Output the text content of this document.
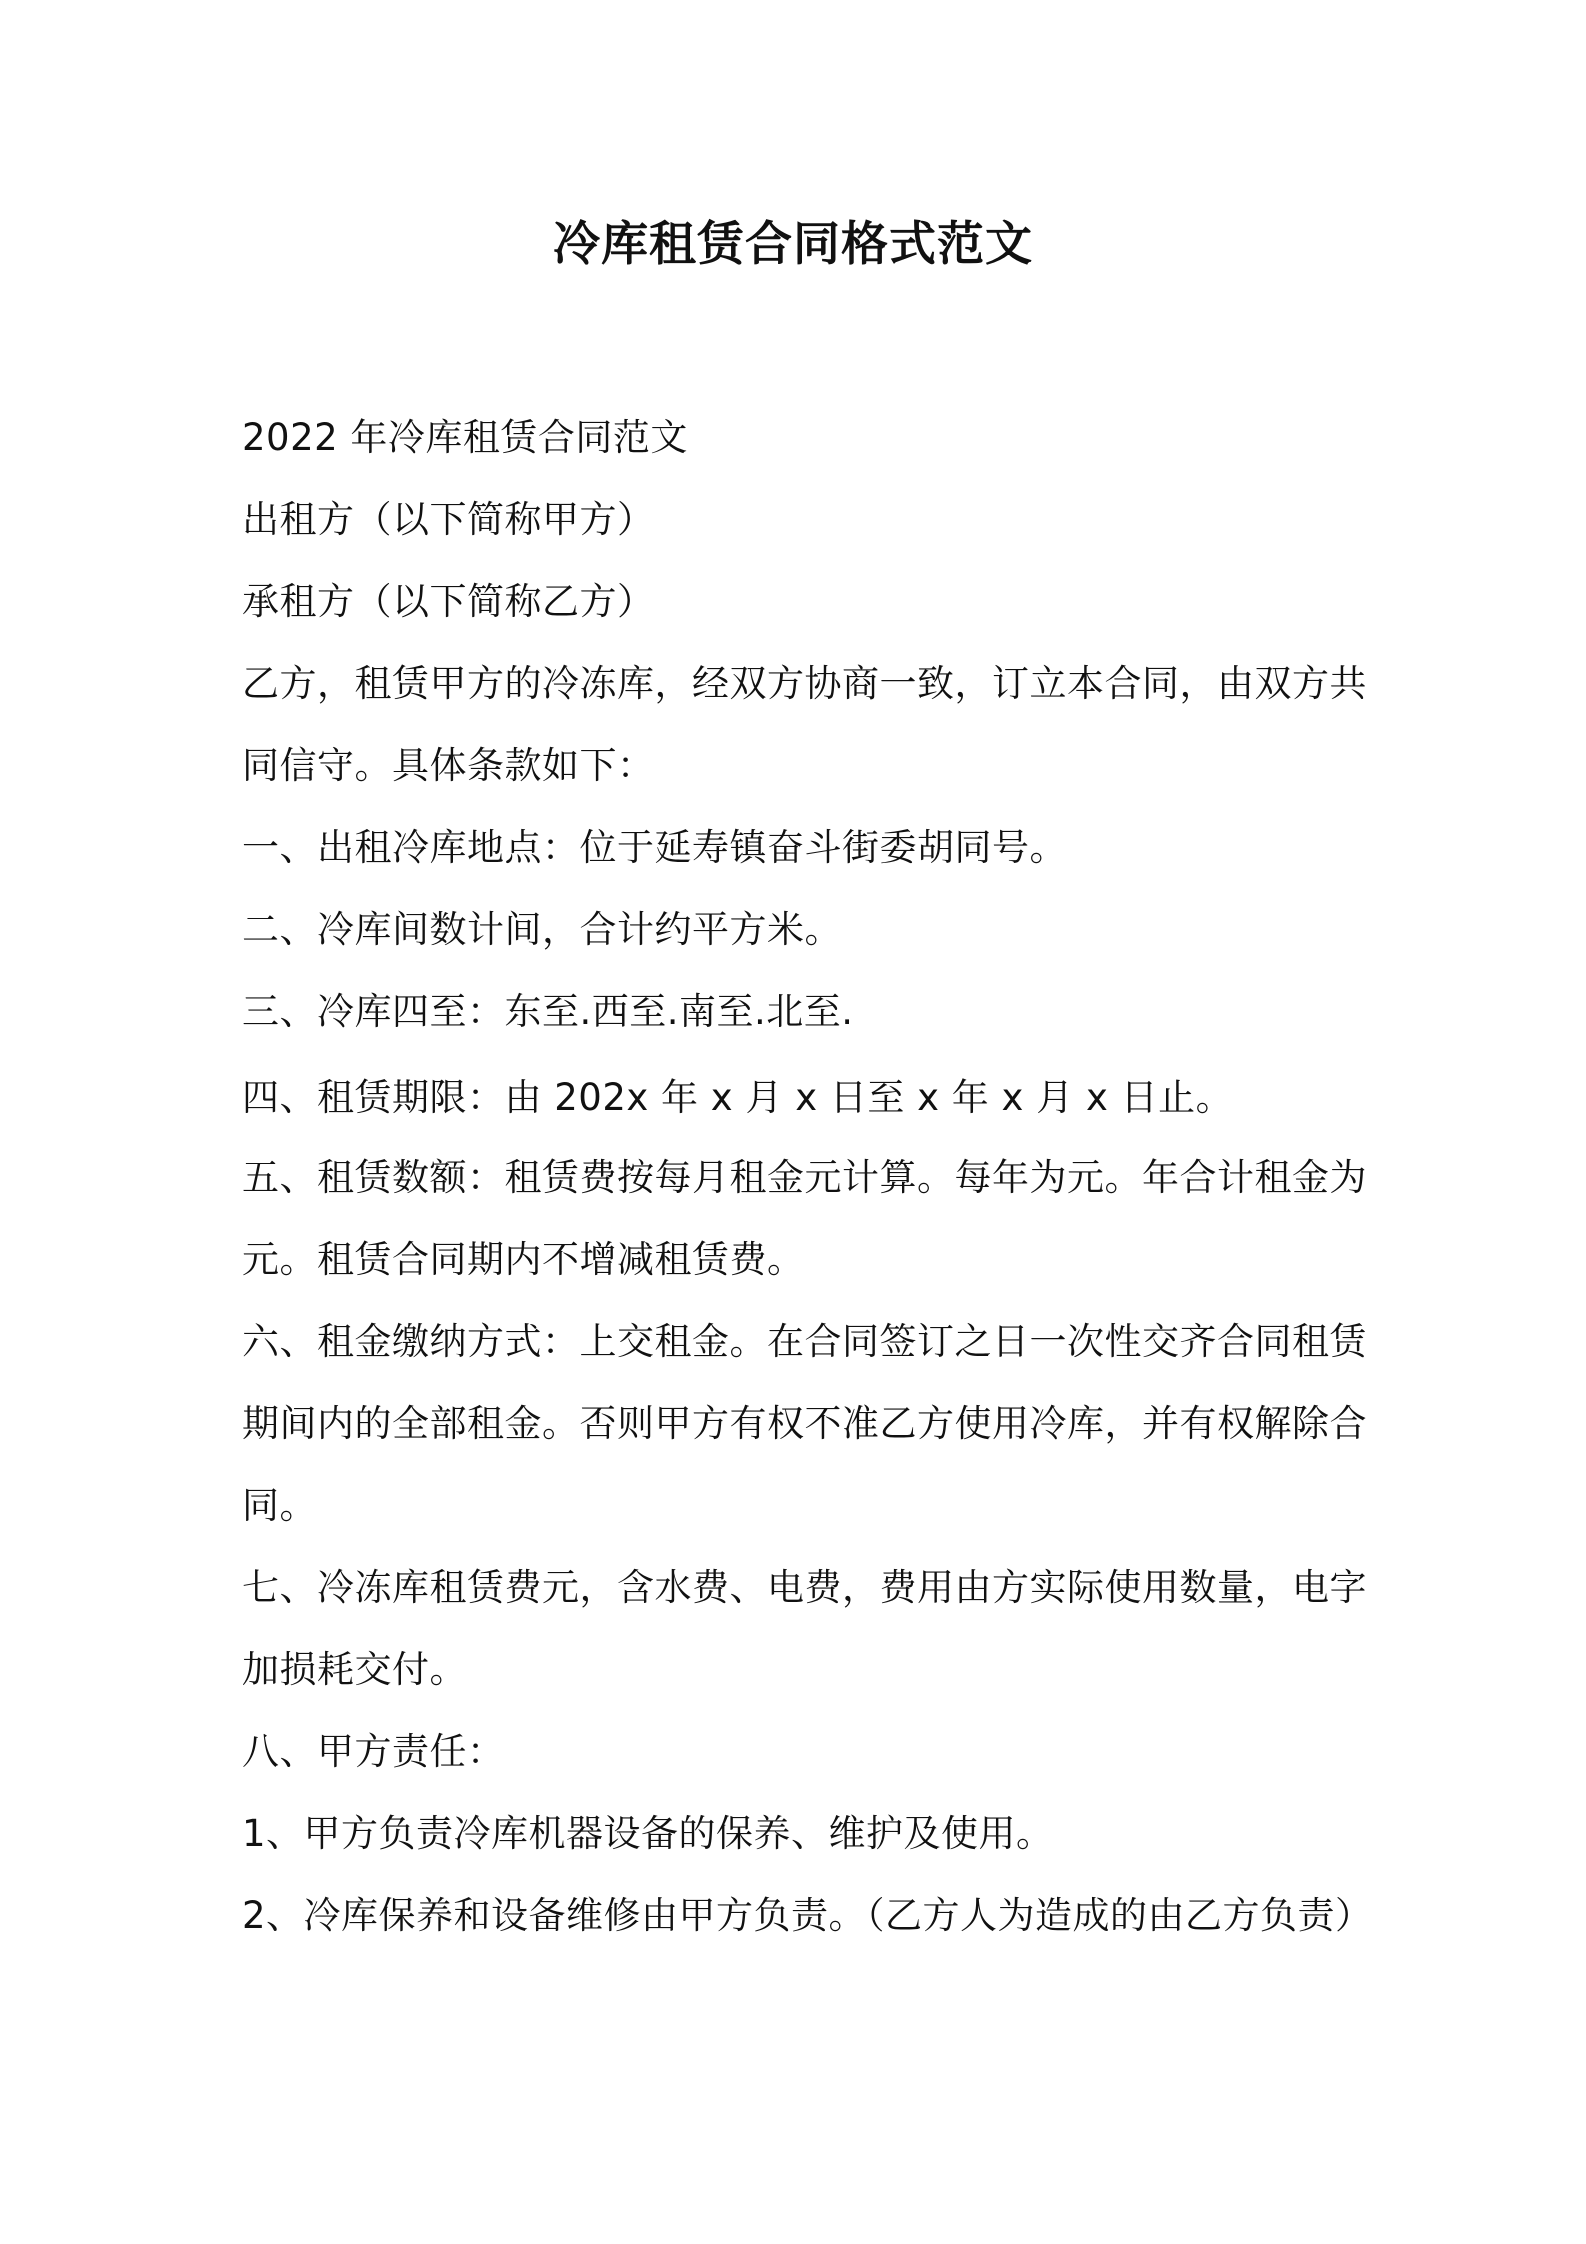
冷库租赁合同格式范文
2022 年冷库租赁合同范文
出租方（以下简称甲方）
承租方（以下简称乙方）
乙方，租赁甲方的冷冻库，经双方协商一致，订立本合同，由双方共
同信守。具体条款如下：
一、出租冷库地点：位于延寿镇奋斗街委胡同号。
二、冷库间数计间，合计约平方米。
三、冷库四至：东至.西至.南至.北至.
四、租赁期限：由 202x 年 x 月 x 日至 x 年 x 月 x 日止。
五、租赁数额：租赁费按每月租金元计算。每年为元。年合计租金为
元。租赁合同期内不增减租赁费。
六、租金缴纳方式：上交租金。在合同签订之日一次性交齐合同租赁
期间内的全部租金。否则甲方有权不准乙方使用冷库，并有权解除合
同。
七、冷冻库租赁费元，含水费、电费，费用由方实际使用数量，电字
加损耗交付。
八、甲方责任：
1、甲方负责冷库机器设备的保养、维护及使用。
2、冷库保养和设备维修由甲方负责。（乙方人为造成的由乙方负责）
